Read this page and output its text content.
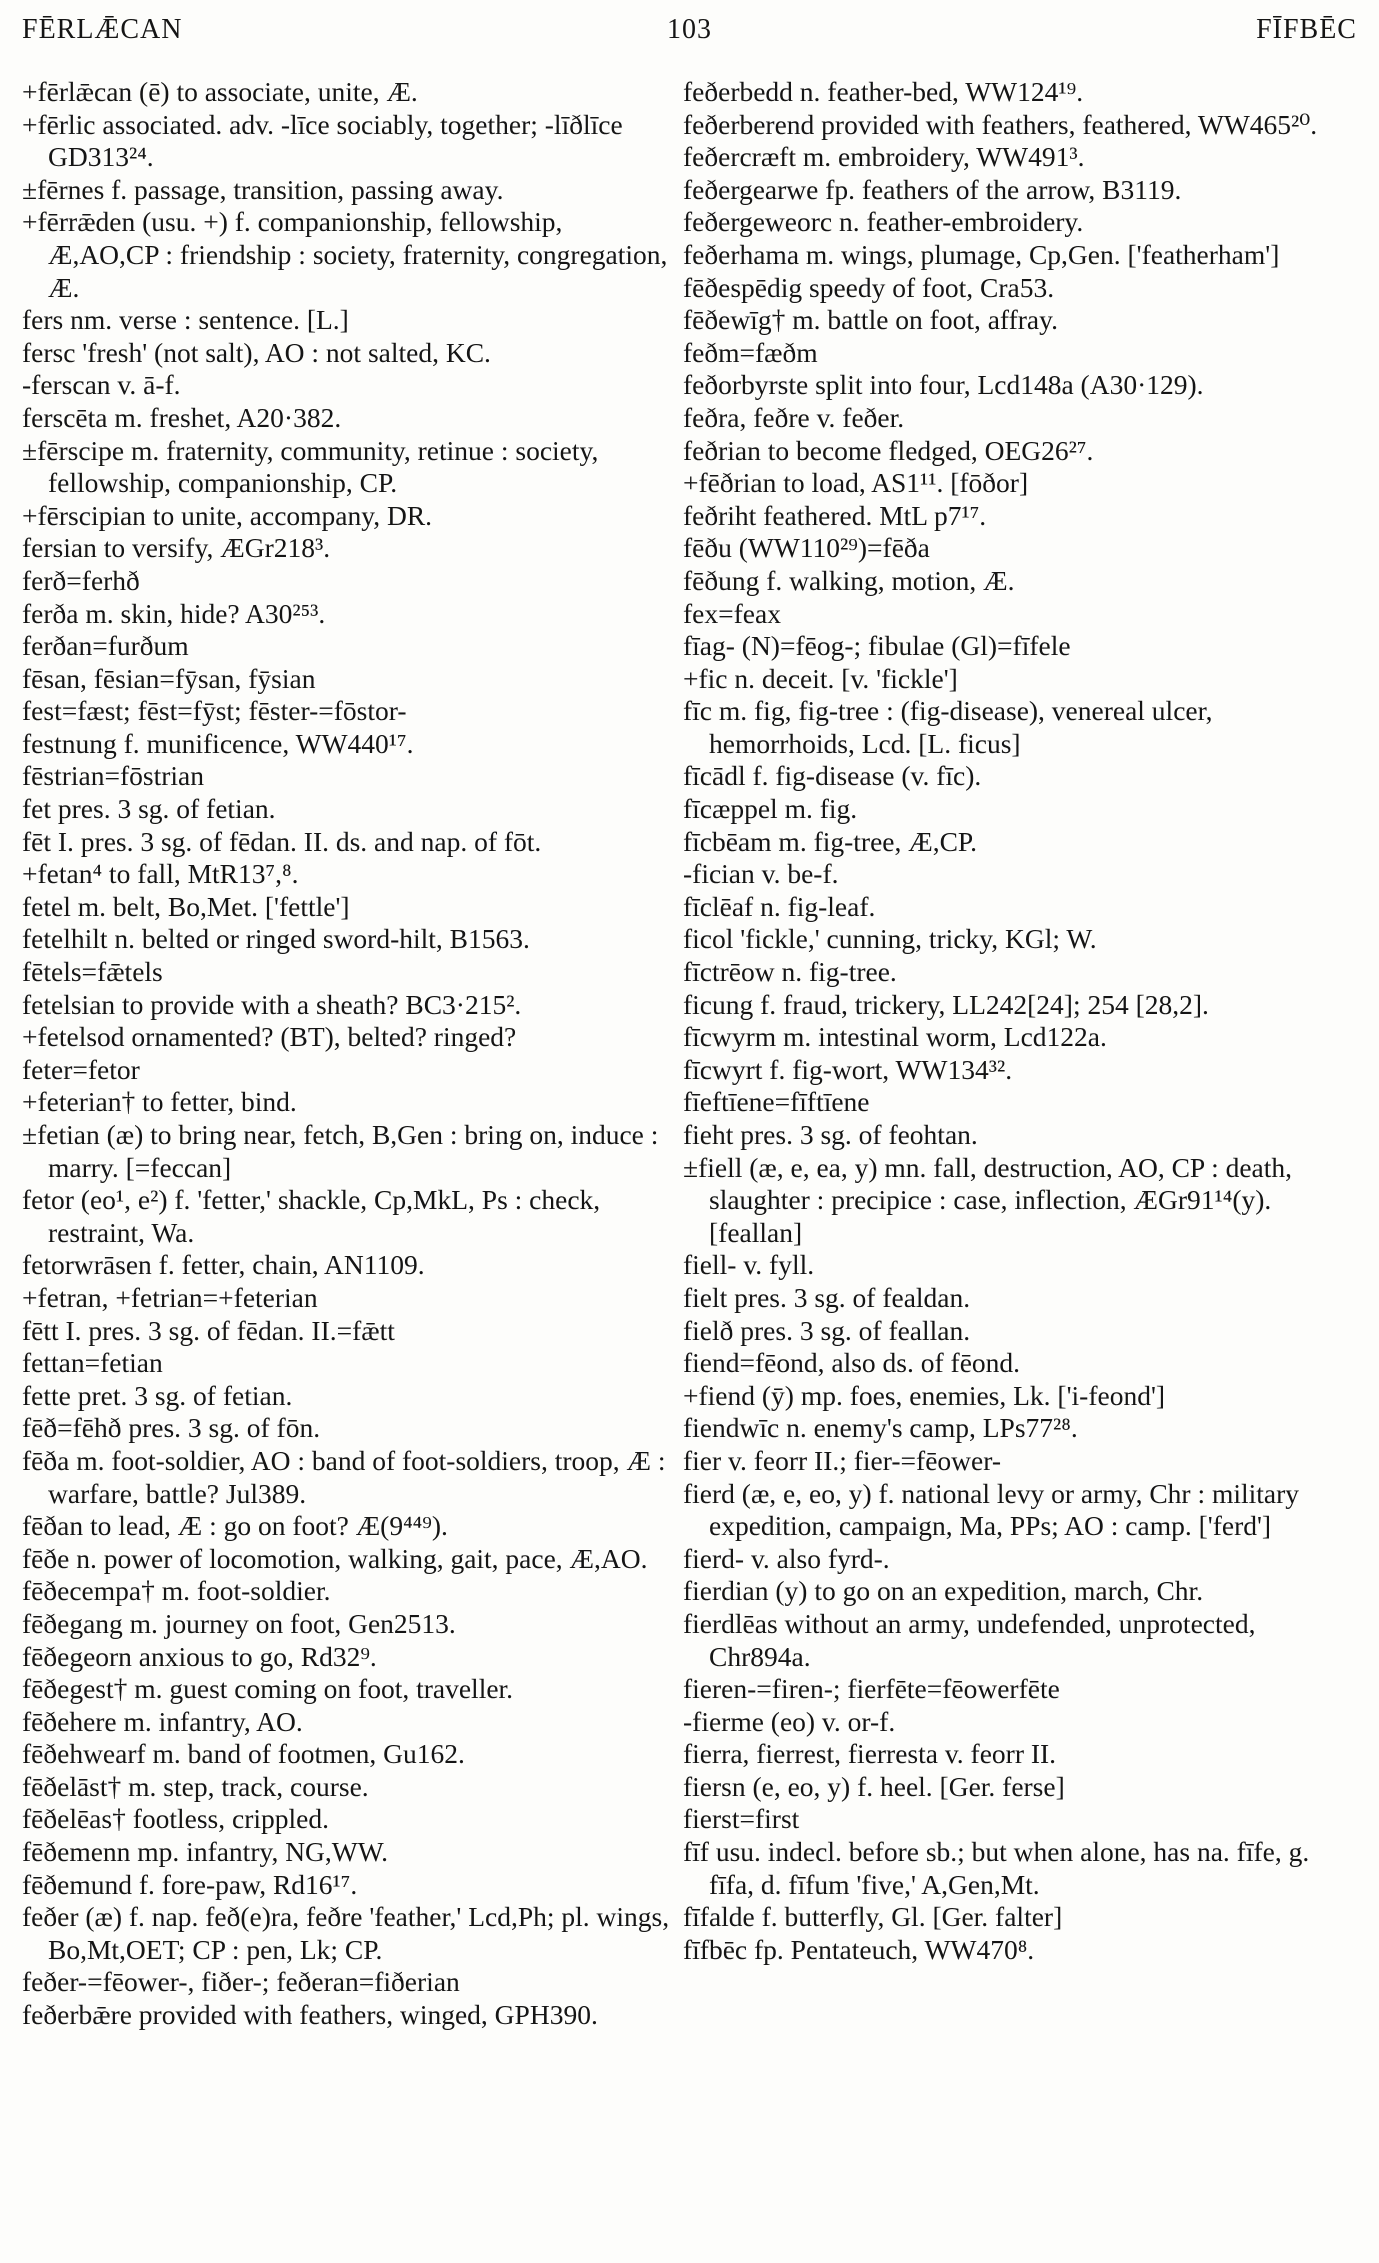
FĒRLǢCAN	103	FĪFBĒC
+fērlǣcan (ē) to associate, unite, Æ.
+fērlic associated. adv. -līce sociably, together; -līðlīce GD313²⁴.
±fērnes f. passage, transition, passing away.
+fērrǣden (usu. +) f. companionship, fellowship, Æ,AO,CP : friendship : society, fraternity, congregation, Æ.
fers nm. verse : sentence. [L.]
fersc 'fresh' (not salt), AO : not salted, KC.
-ferscan v. ā-f.
ferscēta m. freshet, A20·382.
±fērscipe m. fraternity, community, retinue : society, fellowship, companionship, CP.
+fērscipian to unite, accompany, DR.
fersian to versify, ÆGr218³.
ferð=ferhð
ferða m. skin, hide? A30²⁵³.
ferðan=furðum
fēsan, fēsian=fȳsan, fȳsian
fest=fæst; fēst=fȳst; fēster-=fōstor-
festnung f. munificence, WW440¹⁷.
fēstrian=fōstrian
fet pres. 3 sg. of fetian.
fēt I. pres. 3 sg. of fēdan. II. ds. and nap. of fōt.
+fetan⁴ to fall, MtR13⁷,⁸.
fetel m. belt, Bo,Met. ['fettle']
fetelhilt n. belted or ringed sword-hilt, B1563.
fētels=fǣtels
fetelsian to provide with a sheath? BC3·215².
+fetelsod ornamented? (BT), belted? ringed?
feter=fetor
+feterian† to fetter, bind.
±fetian (æ) to bring near, fetch, B,Gen : bring on, induce : marry. [=feccan]
fetor (eo¹, e²) f. 'fetter,' shackle, Cp,MkL, Ps : check, restraint, Wa.
fetorwrāsen f. fetter, chain, AN1109.
+fetran, +fetrian=+feterian
fētt I. pres. 3 sg. of fēdan. II.=fǣtt
fettan=fetian
fette pret. 3 sg. of fetian.
fēð=fēhð pres. 3 sg. of fōn.
fēða m. foot-soldier, AO : band of foot-soldiers, troop, Æ : warfare, battle? Jul389.
fēðan to lead, Æ : go on foot? Æ(9⁴⁴⁹).
fēðe n. power of locomotion, walking, gait, pace, Æ,AO.
fēðecempa† m. foot-soldier.
fēðegang m. journey on foot, Gen2513.
fēðegeorn anxious to go, Rd32⁹.
fēðegest† m. guest coming on foot, traveller.
fēðehere m. infantry, AO.
fēðehwearf m. band of footmen, Gu162.
fēðelāst† m. step, track, course.
fēðelēas† footless, crippled.
fēðemenn mp. infantry, NG,WW.
fēðemund f. fore-paw, Rd16¹⁷.
feðer (æ) f. nap. feð(e)ra, feðre 'feather,' Lcd,Ph; pl. wings, Bo,Mt,OET; CP : pen, Lk; CP.
feðer-=fēower-, fiðer-; feðeran=fiðerian
feðerbǣre provided with feathers, winged, GPH390.
feðerbedd n. feather-bed, WW124¹⁹.
feðerberend provided with feathers, feathered, WW465²⁰.
feðercræft m. embroidery, WW491³.
feðergearwe fp. feathers of the arrow, B3119.
feðergeweorc n. feather-embroidery.
feðerhama m. wings, plumage, Cp,Gen. ['featherham']
fēðespēdig speedy of foot, Cra53.
fēðewīg† m. battle on foot, affray.
feðm=fæðm
feðorbyrste split into four, Lcd148a (A30·129).
feðra, feðre v. feðer.
feðrian to become fledged, OEG26²⁷.
+fēðrian to load, AS1¹¹. [fōðor]
feðriht feathered. MtL p7¹⁷.
fēðu (WW110²⁹)=fēða
fēðung f. walking, motion, Æ.
fex=feax
fīag- (N)=fēog-; fibulae (Gl)=fīfele
+fic n. deceit. [v. 'fickle']
fīc m. fig, fig-tree : (fig-disease), venereal ulcer, hemorrhoids, Lcd. [L. ficus]
fīcādl f. fig-disease (v. fīc).
fīcæppel m. fig.
fīcbēam m. fig-tree, Æ,CP.
-fician v. be-f.
fīclēaf n. fig-leaf.
ficol 'fickle,' cunning, tricky, KGl; W.
fīctrēow n. fig-tree.
ficung f. fraud, trickery, LL242[24]; 254 [28,2].
fīcwyrm m. intestinal worm, Lcd122a.
fīcwyrt f. fig-wort, WW134³².
fīeftīene=fīftīene
fieht pres. 3 sg. of feohtan.
±fiell (æ, e, ea, y) mn. fall, destruction, AO, CP : death, slaughter : precipice : case, inflection, ÆGr91¹⁴(y). [feallan]
fiell- v. fyll.
fielt pres. 3 sg. of fealdan.
fielð pres. 3 sg. of feallan.
fiend=fēond, also ds. of fēond.
+fiend (ȳ) mp. foes, enemies, Lk. ['i-feond']
fiendwīc n. enemy's camp, LPs77²⁸.
fier v. feorr II.; fier-=fēower-
fierd (æ, e, eo, y) f. national levy or army, Chr : military expedition, campaign, Ma, PPs; AO : camp. ['ferd']
fierd- v. also fyrd-.
fierdian (y) to go on an expedition, march, Chr.
fierdlēas without an army, undefended, unprotected, Chr894a.
fieren-=firen-; fierfēte=fēowerfēte
-fierme (eo) v. or-f.
fierra, fierrest, fierresta v. feorr II.
fiersn (e, eo, y) f. heel. [Ger. ferse]
fierst=first
fīf usu. indecl. before sb.; but when alone, has na. fīfe, g. fīfa, d. fīfum 'five,' A,Gen,Mt.
fīfalde f. butterfly, Gl. [Ger. falter]
fīfbēc fp. Pentateuch, WW470⁸.
